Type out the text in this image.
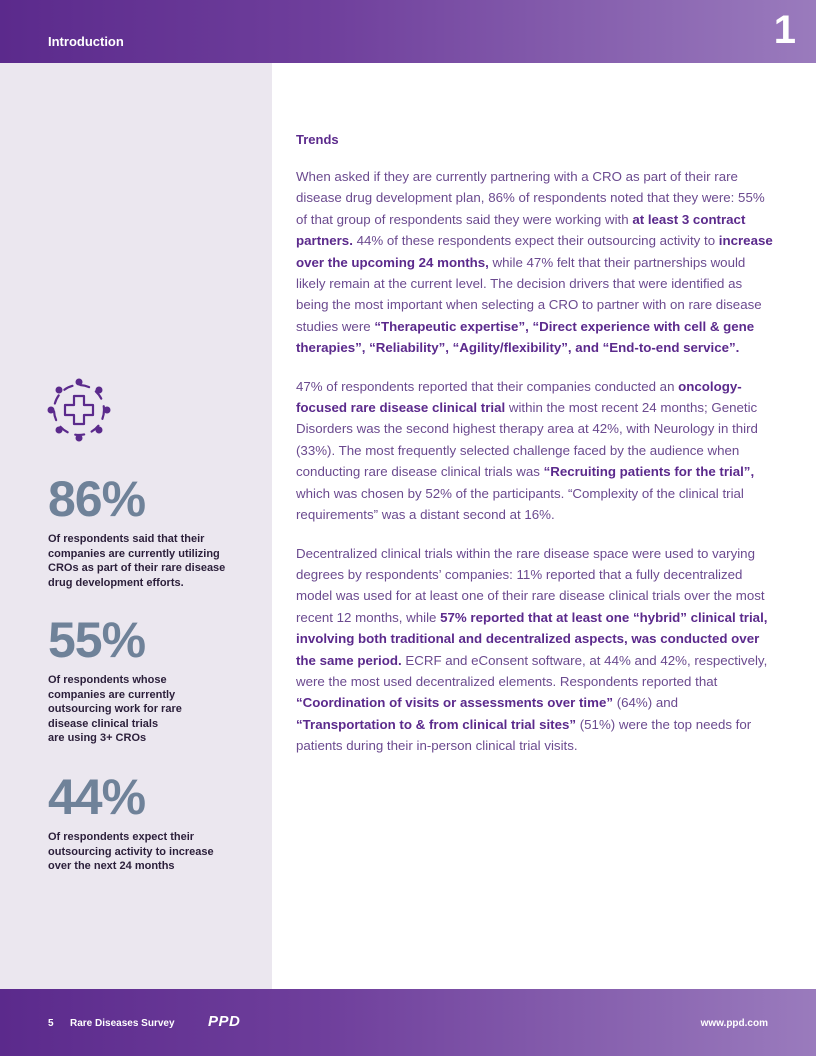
Introduction	1
86%
Of respondents said that their
companies are currently utilizing
CROs as part of their rare disease
drug development efforts.
55%
Of respondents whose
companies are currently
outsourcing work for rare
disease clinical trials
are using 3+ CROs
44%
Of respondents expect their
outsourcing activity to increase
over the next 24 months
Trends

When asked if they are currently partnering with a CRO as part of their rare disease drug development plan, 86% of respondents noted that they were: 55% of that group of respondents said they were working with at least 3 contract partners. 44% of these respondents expect their outsourcing activity to increase over the upcoming 24 months, while 47% felt that their partnerships would likely remain at the current level. The decision drivers that were identified as being the most important when selecting a CRO to partner with on rare disease studies were “Therapeutic expertise”, “Direct experience with cell & gene therapies”, “Reliability”, “Agility/flexibility”, and “End-to-end service”.

47% of respondents reported that their companies conducted an oncology-focused rare disease clinical trial within the most recent 24 months; Genetic Disorders was the second highest therapy area at 42%, with Neurology in third (33%). The most frequently selected challenge faced by the audience when conducting rare disease clinical trials was “Recruiting patients for the trial”, which was chosen by 52% of the participants. “Complexity of the clinical trial requirements” was a distant second at 16%.

Decentralized clinical trials within the rare disease space were used to varying degrees by respondents’ companies: 11% reported that a fully decentralized model was used for at least one of their rare disease clinical trials over the most recent 12 months, while 57% reported that at least one “hybrid” clinical trial, involving both traditional and decentralized aspects, was conducted over the same period. ECRF and eConsent software, at 44% and 42%, respectively, were the most used decentralized elements. Respondents reported that “Coordination of visits or assessments over time” (64%) and “Transportation to & from clinical trial sites” (51%) were the top needs for patients during their in-person clinical trial visits.

5 Rare Diseases Survey PPD	www.ppd.com
